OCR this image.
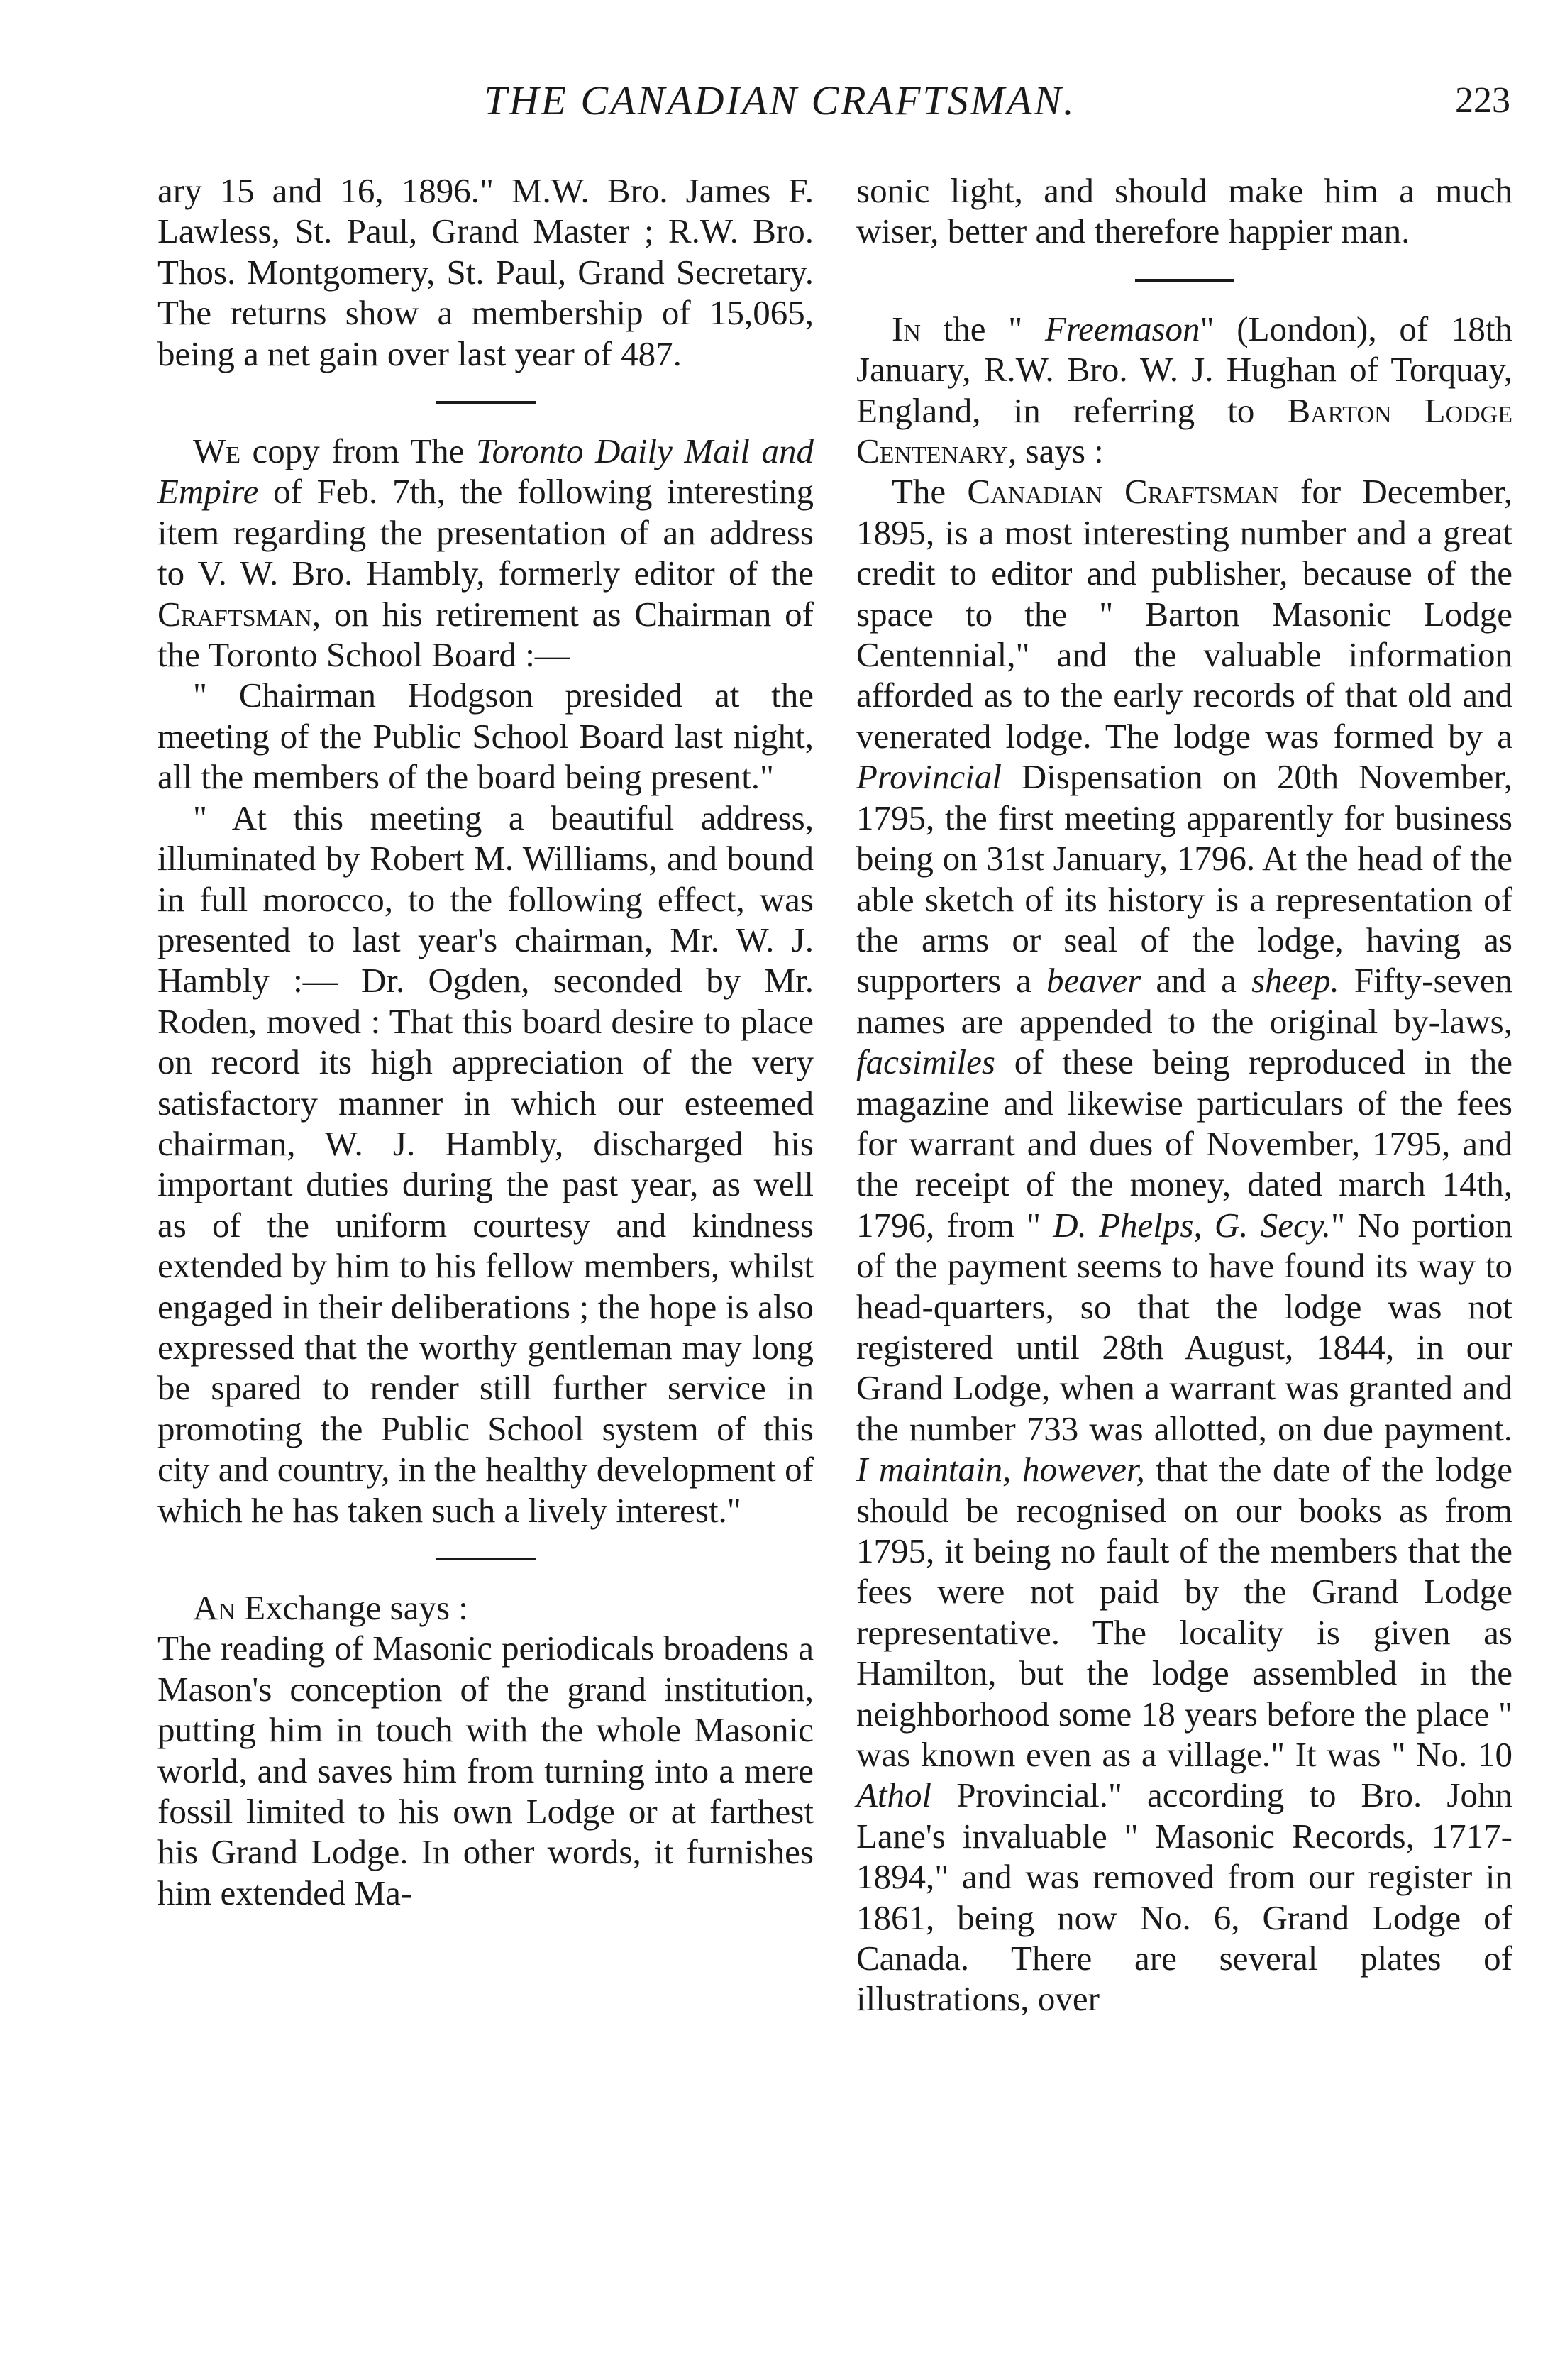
THE CANADIAN CRAFTSMAN.	223

ary 15 and 16, 1896." M.W. Bro. James F. Lawless, St. Paul, Grand Master ; R.W. Bro. Thos. Montgomery, St. Paul, Grand Secretary. The returns show a membership of 15,065, being a net gain over last year of 487.

We copy from The Toronto Daily Mail and Empire of Feb. 7th, the following interesting item regarding the presentation of an address to V. W. Bro. Hambly, formerly editor of the Craftsman, on his retirement as Chairman of the Toronto School Board :—

" Chairman Hodgson presided at the meeting of the Public School Board last night, all the members of the board being present."

" At this meeting a beautiful address, illuminated by Robert M. Williams, and bound in full morocco, to the following effect, was presented to last year's chairman, Mr. W. J. Hambly :— Dr. Ogden, seconded by Mr. Roden, moved : That this board desire to place on record its high appreciation of the very satisfactory manner in which our esteemed chairman, W. J. Hambly, discharged his important duties during the past year, as well as of the uniform courtesy and kindness extended by him to his fellow members, whilst engaged in their deliberations ; the hope is also expressed that the worthy gentleman may long be spared to render still further service in promoting the Public School system of this city and country, in the healthy development of which he has taken such a lively interest."

An Exchange says :

The reading of Masonic periodicals broadens a Mason's conception of the grand institution, putting him in touch with the whole Masonic world, and saves him from turning into a mere fossil limited to his own Lodge or at farthest his Grand Lodge. In other words, it furnishes him extended Ma-

sonic light, and should make him a much wiser, better and therefore happier man.

In the " Freemason" (London), of 18th January, R.W. Bro. W. J. Hughan of Torquay, England, in referring to Barton Lodge Centenary, says :

The Canadian Craftsman for December, 1895, is a most interesting number and a great credit to editor and publisher, because of the space to the " Barton Masonic Lodge Centennial," and the valuable information afforded as to the early records of that old and venerated lodge. The lodge was formed by a Provincial Dispensation on 20th November, 1795, the first meeting apparently for business being on 31st January, 1796. At the head of the able sketch of its history is a representation of the arms or seal of the lodge, having as supporters a beaver and a sheep. Fifty-seven names are appended to the original by-laws, facsimiles of these being reproduced in the magazine and likewise particulars of the fees for warrant and dues of November, 1795, and the receipt of the money, dated march 14th, 1796, from " D. Phelps, G. Secy." No portion of the payment seems to have found its way to head-quarters, so that the lodge was not registered until 28th August, 1844, in our Grand Lodge, when a warrant was granted and the number 733 was allotted, on due payment. I maintain, however, that the date of the lodge should be recognised on our books as from 1795, it being no fault of the members that the fees were not paid by the Grand Lodge representative. The locality is given as Hamilton, but the lodge assembled in the neighborhood some 18 years before the place " was known even as a village." It was " No. 10 Athol Provincial." according to Bro. John Lane's invaluable " Masonic Records, 1717-1894," and was removed from our register in 1861, being now No. 6, Grand Lodge of Canada. There are several plates of illustrations, over
